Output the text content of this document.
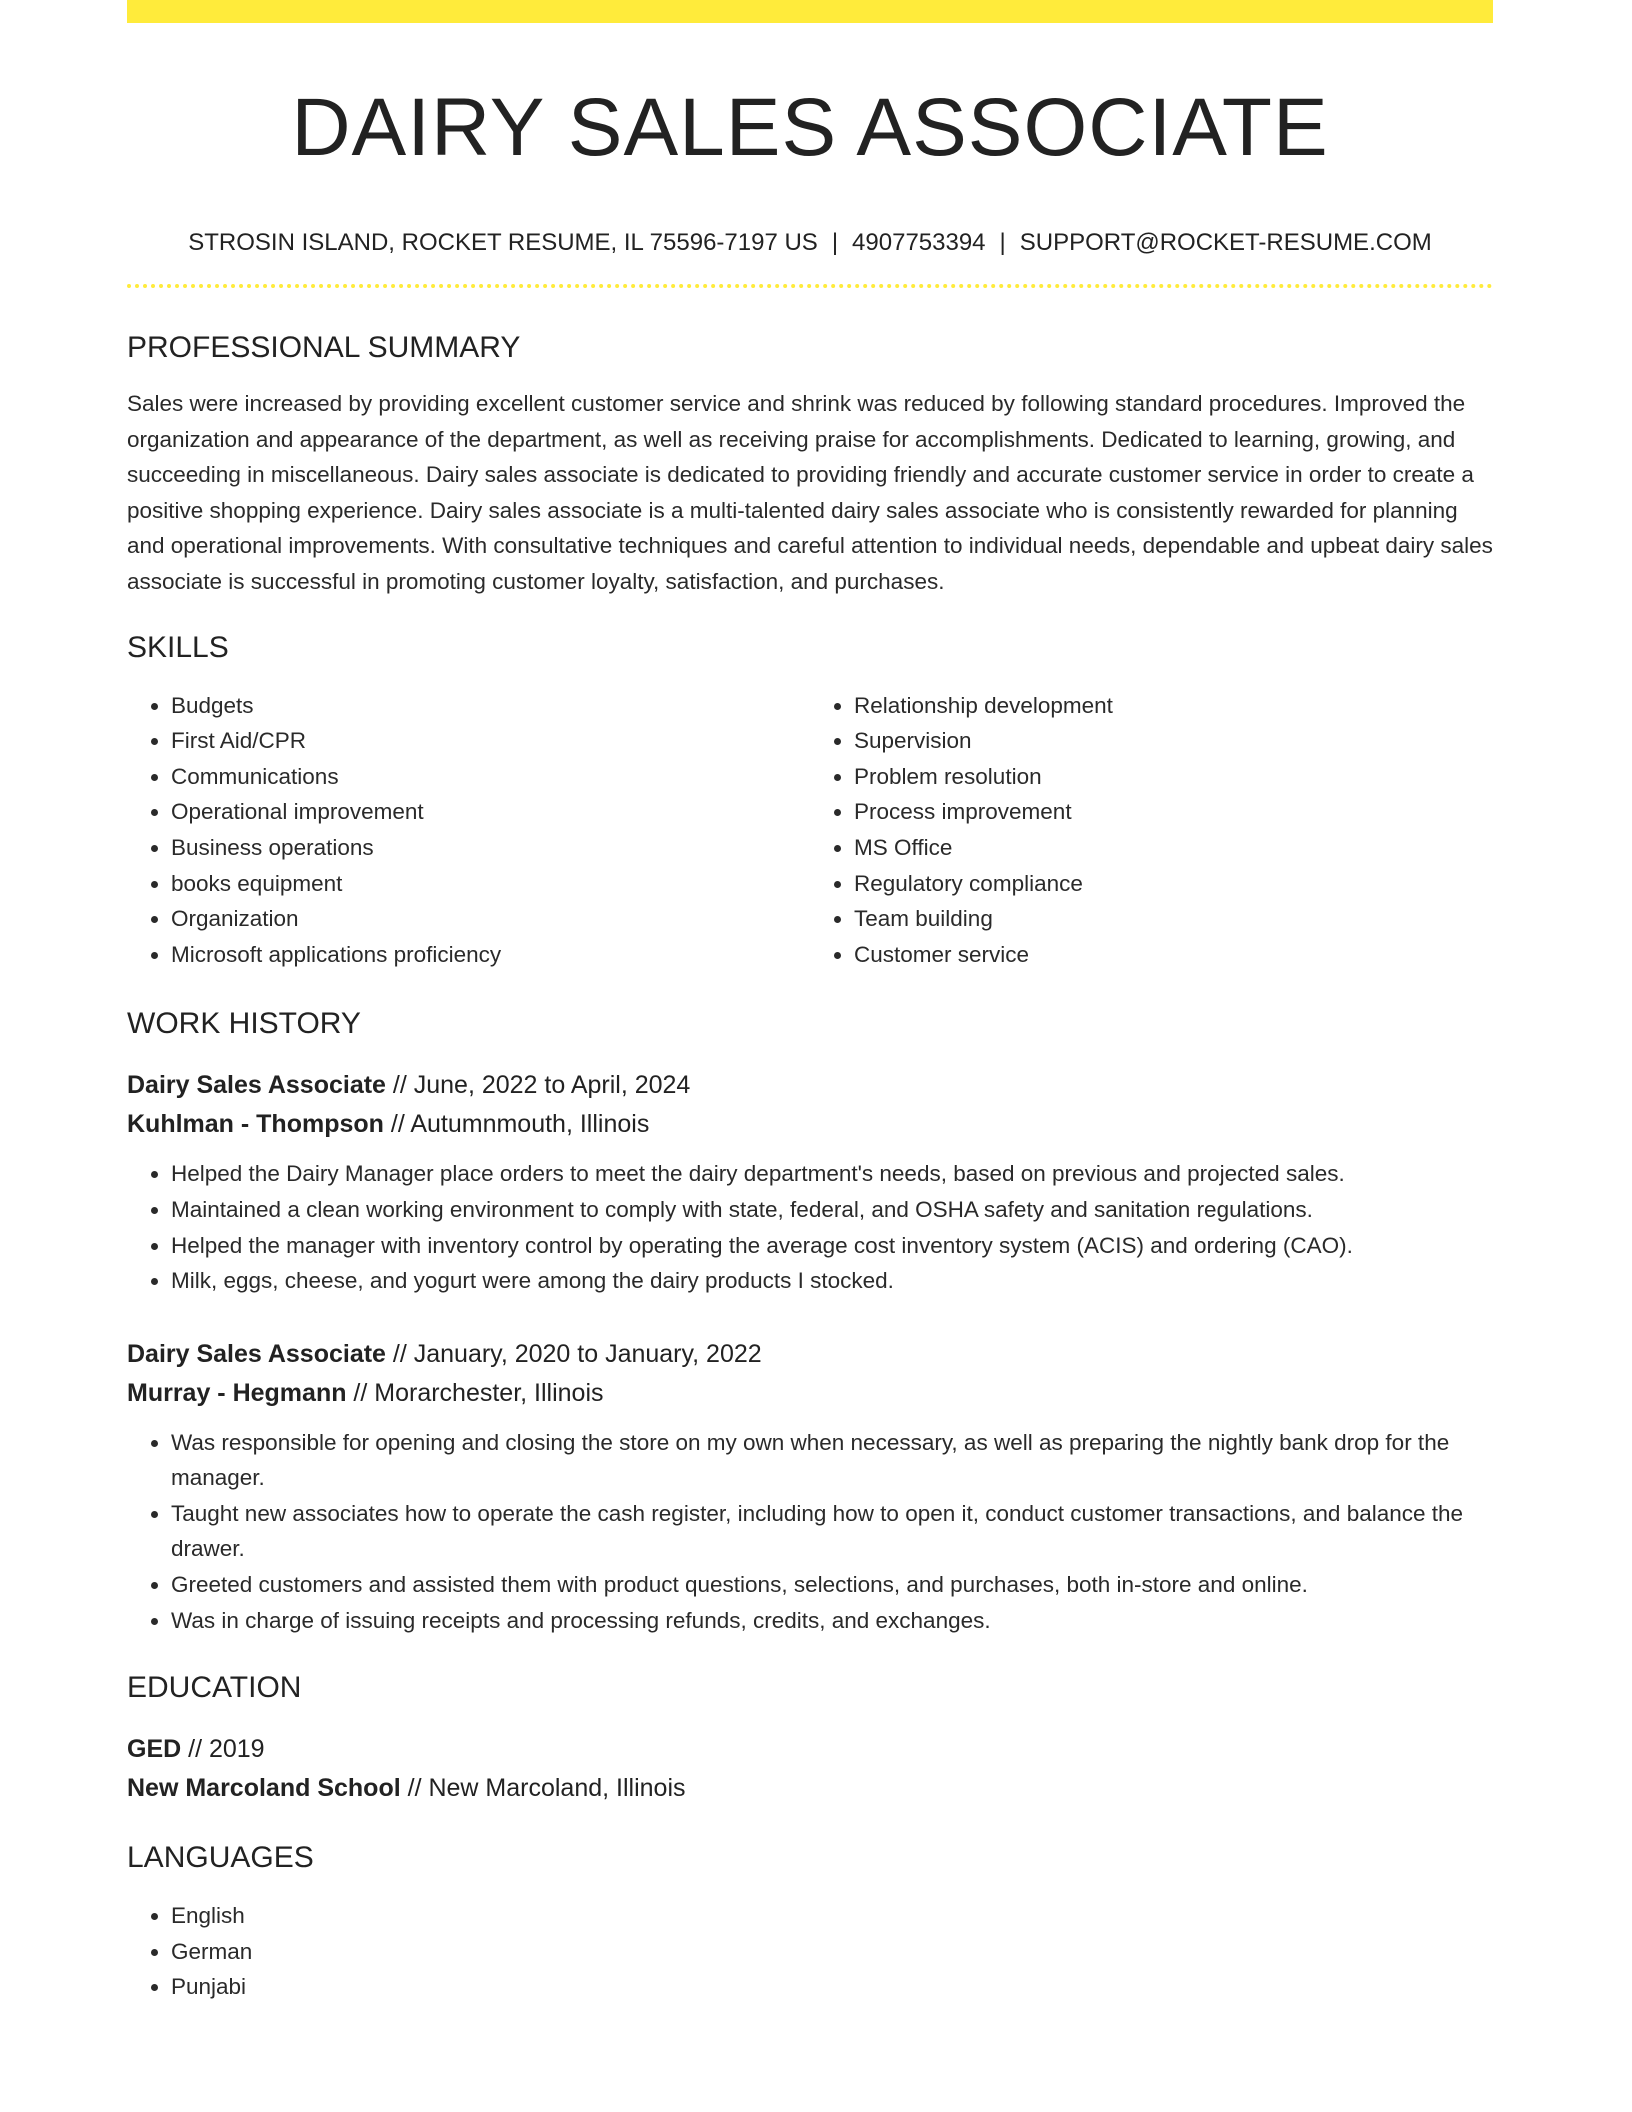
DAIRY SALES ASSOCIATE
STROSIN ISLAND, ROCKET RESUME, IL 75596-7197 US | 4907753394 | SUPPORT@ROCKET-RESUME.COM
PROFESSIONAL SUMMARY

Sales were increased by providing excellent customer service and shrink was reduced by following standard procedures. Improved the organization and appearance of the department, as well as receiving praise for accomplishments. Dedicated to learning, growing, and succeeding in miscellaneous. Dairy sales associate is dedicated to providing friendly and accurate customer service in order to create a positive shopping experience. Dairy sales associate is a multi-talented dairy sales associate who is consistently rewarded for planning and operational improvements. With consultative techniques and careful attention to individual needs, dependable and upbeat dairy sales associate is successful in promoting customer loyalty, satisfaction, and purchases.

SKILLS
• Budgets
• First Aid/CPR
• Communications
• Operational improvement
• Business operations
• books equipment
• Organization
• Microsoft applications proficiency
• Relationship development
• Supervision
• Problem resolution
• Process improvement
• MS Office
• Regulatory compliance
• Team building
• Customer service
WORK HISTORY
Dairy Sales Associate // June, 2022 to April, 2024
Kuhlman - Thompson // Autumnmouth, Illinois
• Helped the Dairy Manager place orders to meet the dairy department's needs, based on previous and projected sales.
• Maintained a clean working environment to comply with state, federal, and OSHA safety and sanitation regulations.
• Helped the manager with inventory control by operating the average cost inventory system (ACIS) and ordering (CAO).
• Milk, eggs, cheese, and yogurt were among the dairy products I stocked.
Dairy Sales Associate // January, 2020 to January, 2022
Murray - Hegmann // Morarchester, Illinois
• Was responsible for opening and closing the store on my own when necessary, as well as preparing the nightly bank drop for the manager.
• Taught new associates how to operate the cash register, including how to open it, conduct customer transactions, and balance the drawer.
• Greeted customers and assisted them with product questions, selections, and purchases, both in-store and online.
• Was in charge of issuing receipts and processing refunds, credits, and exchanges.
EDUCATION
GED // 2019
New Marcoland School // New Marcoland, Illinois
LANGUAGES
• English
• German
• Punjabi
